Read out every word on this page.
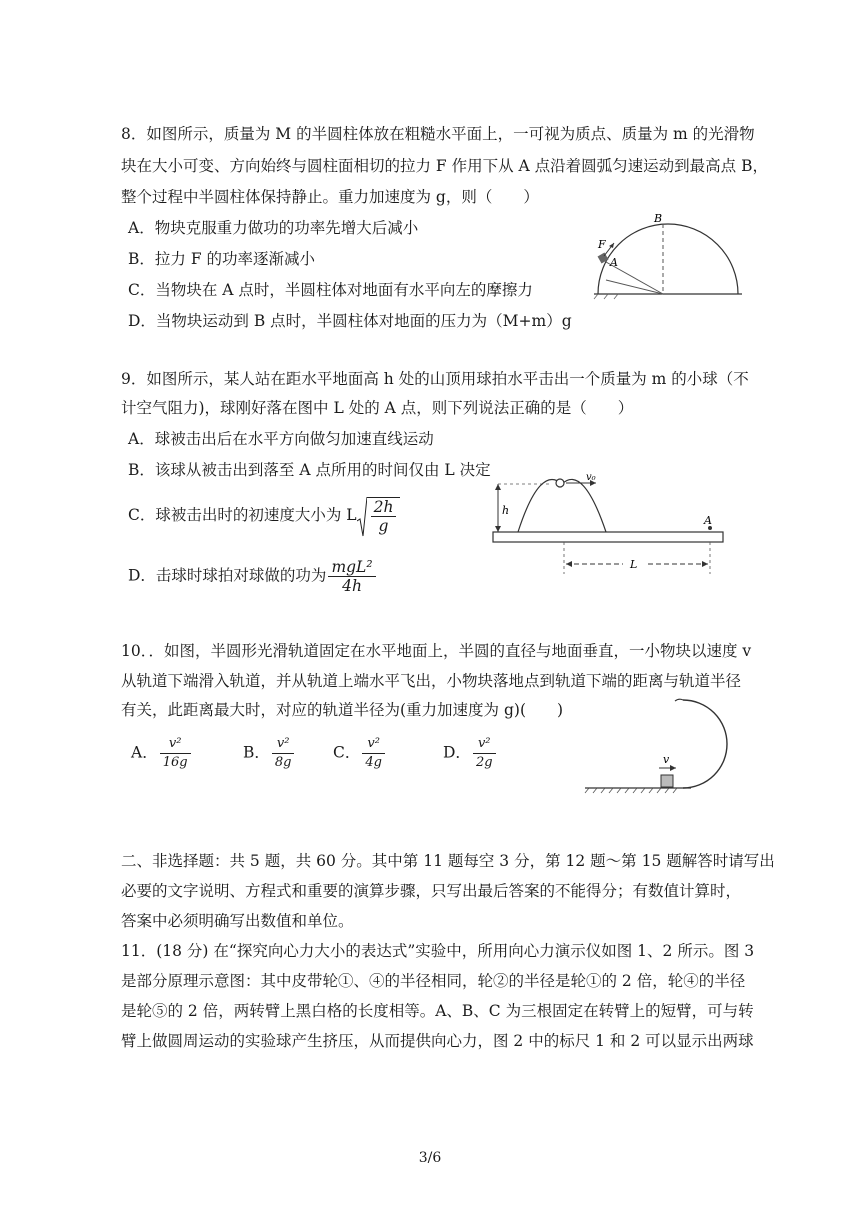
8．如图所示，质量为 M 的半圆柱体放在粗糙水平面上，一可视为质点、质量为 m 的光滑物
块在大小可变、方向始终与圆柱面相切的拉力 F 作用下从 A 点沿着圆弧匀速运动到最高点 B，
整个过程中半圆柱体保持静止。重力加速度为 g，则（　　）
A．物块克服重力做功的功率先增大后减小
B．拉力 F 的功率逐渐减小
C．当物块在 A 点时，半圆柱体对地面有水平向左的摩擦力
D．当物块运动到 B 点时，半圆柱体对地面的压力为（M+m）g
B
A
F
9．如图所示，某人站在距水平地面高 h 处的山顶用球拍水平击出一个质量为 m 的小球（不
计空气阻力)，球刚好落在图中 L 处的 A 点，则下列说法正确的是（　　）
A．球被击出后在水平方向做匀加速直线运动
B．该球从被击出到落至 A 点所用的时间仅由 L 决定
C．球被击出时的初速度大小为 L $\frac{2h}{g}$
D．击球时球拍对球做的功为 $\frac{\text{mgL²}}{4h}$
h
v₀
A
L
10．．如图，半圆形光滑轨道固定在水平地面上，半圆的直径与地面垂直，一小物块以速度 v
从轨道下端滑入轨道，并从轨道上端水平飞出，小物块落地点到轨道下端的距离与轨道半径
有关，此距离最大时，对应的轨道半径为(重力加速度为 g)(　　)
A． $\frac{\text{v²}}{16g}$	B． $\frac{\text{v²}}{8g}$ C． $\frac{\text{v²}}{4g}$	D． $\frac{\text{v²}}{2g}$	v
二、非选择题：共 5 题，共 60 分。其中第 11 题每空 3 分，第 12 题～第 15 题解答时请写出
必要的文字说明、方程式和重要的演算步骤，只写出最后答案的不能得分；有数值计算时，
答案中必须明确写出数值和单位。
11．(18 分) 在“探究向心力大小的表达式”实验中，所用向心力演示仪如图 1、2 所示。图 3
是部分原理示意图：其中皮带轮①、④的半径相同，轮②的半径是轮①的 2 倍，轮④的半径
是轮⑤的 2 倍，两转臂上黑白格的长度相等。A、B、C 为三根固定在转臂上的短臂，可与转
臂上做圆周运动的实验球产生挤压，从而提供向心力，图 2 中的标尺 1 和 2 可以显示出两球
3/6
